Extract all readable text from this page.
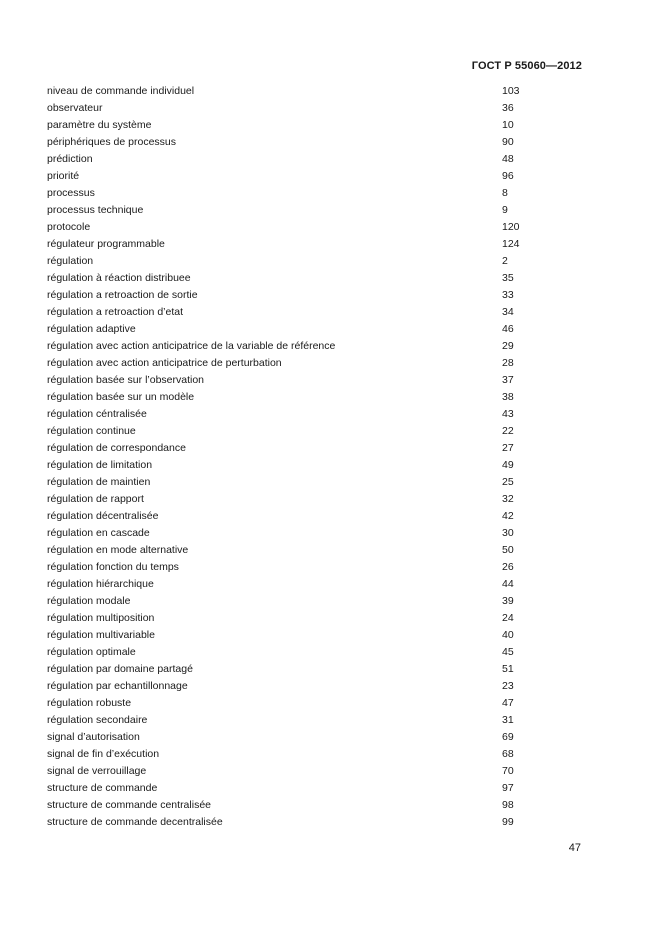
ГОСТ Р 55060—2012
niveau de commande individuel	103
observateur	36
paramètre du système	10
périphériques de processus	90
prédiction	48
priorité	96
processus	8
processus technique	9
protocole	120
régulateur programmable	124
régulation	2
régulation à réaction distribuee	35
régulation a retroaction de sortie	33
régulation a retroaction d’etat	34
régulation adaptive	46
régulation avec action anticipatrice de la variable de référence	29
régulation avec action anticipatrice de perturbation	28
régulation basée sur l’observation	37
régulation basée sur un modèle	38
régulation céntralisée	43
régulation continue	22
régulation de correspondance	27
régulation de limitation	49
régulation de maintien	25
régulation de rapport	32
régulation décentralisée	42
régulation en cascade	30
régulation en mode alternative	50
régulation fonction du temps	26
régulation hiérarchique	44
régulation modale	39
régulation multiposition	24
régulation multivariable	40
régulation optimale	45
régulation par domaine partagé	51
régulation par echantillonnage	23
régulation robuste	47
régulation secondaire	31
signal d’autorisation	69
signal de fin d’exécution	68
signal de verrouillage	70
structure de commande	97
structure de commande centralisée	98
structure de commande decentralisée	99
47
